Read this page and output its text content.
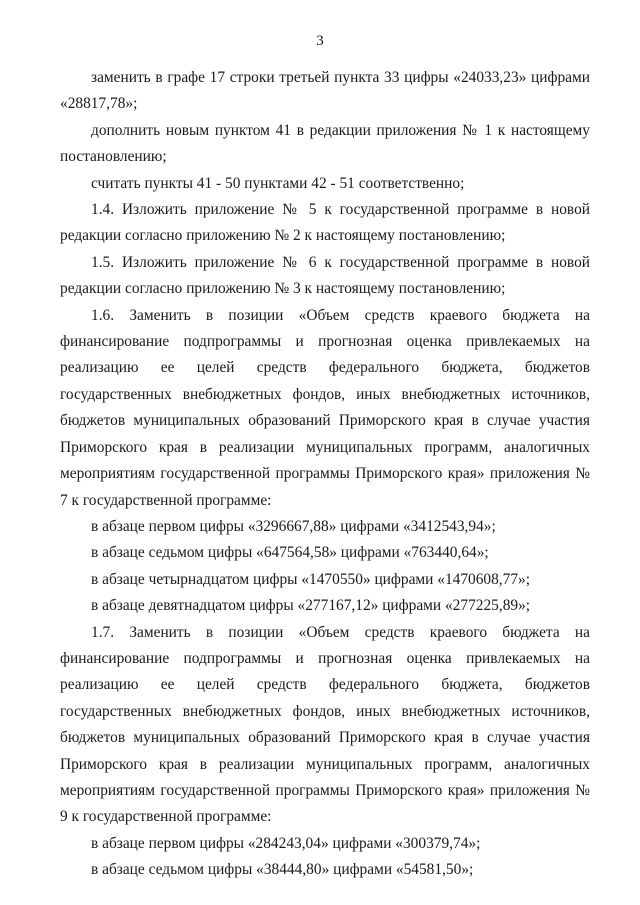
3

заменить в графе 17 строки третьей пункта 33 цифры «24033,23» цифрами «28817,78»;

дополнить новым пунктом 41 в редакции приложения № 1 к настоящему постановлению;

считать пункты 41 - 50 пунктами 42 - 51 соответственно;

1.4. Изложить приложение № 5 к государственной программе в новой редакции согласно приложению № 2 к настоящему постановлению;

1.5. Изложить приложение № 6 к государственной программе в новой редакции согласно приложению № 3 к настоящему постановлению;

1.6. Заменить в позиции «Объем средств краевого бюджета на финансирование подпрограммы и прогнозная оценка привлекаемых на реализацию ее целей средств федерального бюджета, бюджетов государственных внебюджетных фондов, иных внебюджетных источников, бюджетов муниципальных образований Приморского края в случае участия Приморского края в реализации муниципальных программ, аналогичных мероприятиям государственной программы Приморского края» приложения № 7 к государственной программе:

в абзаце первом цифры «3296667,88» цифрами «3412543,94»;

в абзаце седьмом цифры «647564,58» цифрами «763440,64»;

в абзаце четырнадцатом цифры «1470550» цифрами «1470608,77»;

в абзаце девятнадцатом цифры «277167,12» цифрами «277225,89»;

1.7. Заменить в позиции «Объем средств краевого бюджета на финансирование подпрограммы и прогнозная оценка привлекаемых на реализацию ее целей средств федерального бюджета, бюджетов государственных внебюджетных фондов, иных внебюджетных источников, бюджетов муниципальных образований Приморского края в случае участия Приморского края в реализации муниципальных программ, аналогичных мероприятиям государственной программы Приморского края» приложения № 9 к государственной программе:

в абзаце первом цифры «284243,04» цифрами «300379,74»;

в абзаце седьмом цифры «38444,80» цифрами «54581,50»;
